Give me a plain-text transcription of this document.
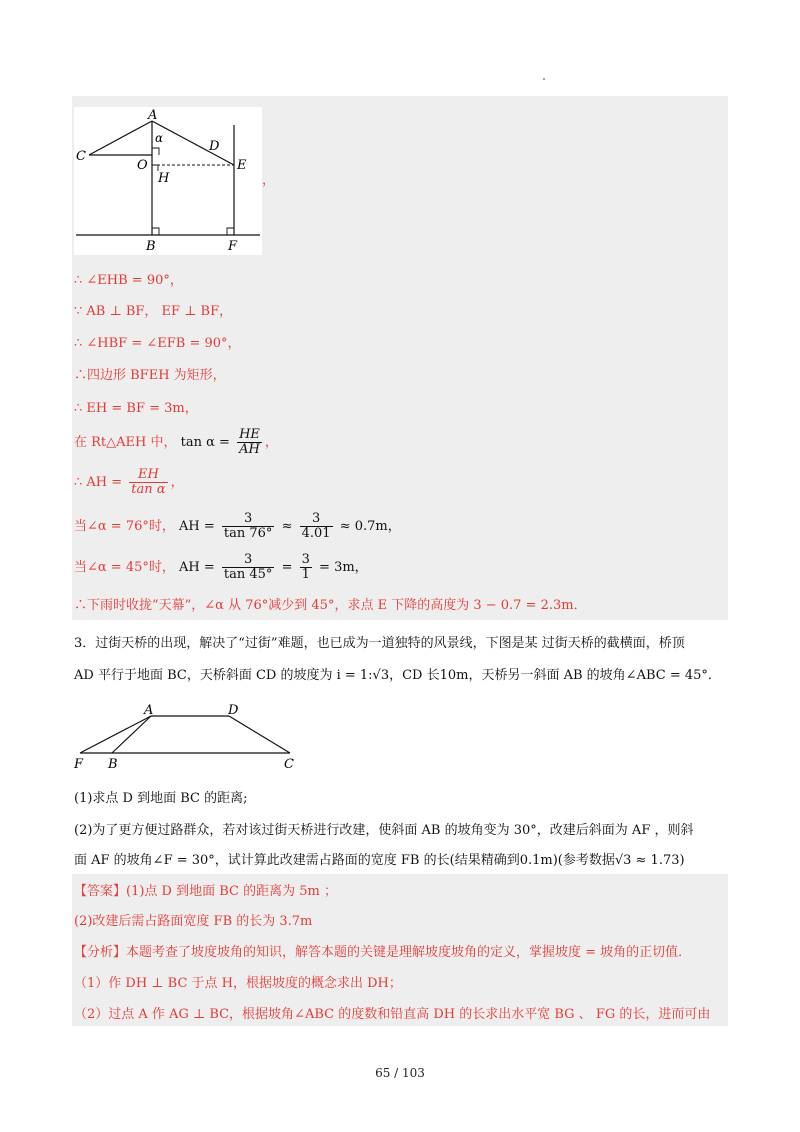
A
α
C
D
O
H
E
B	F
，
∴ ∠EHB = 90°，
∵ AB ⊥ BF， EF ⊥ BF，
∴ ∠HBF = ∠EFB = 90°，
∴四边形 BFEH 为矩形，
∴ EH = BF = 3m，
在 Rt△AEH 中， $\tan \alpha = \frac{HE}{AH}$ ，
∴ AH = $\frac{EH}{\text{tan α}}$ ，
当∠α = 76°时， AH = $\frac{3}{\tan 76^\circ} \approx \frac{3}{4.01} \approx 0.7m$，
当∠α = 45°时， AH = $\frac{3}{\tan 45^\circ} = \frac{3}{1} = 3m$，
∴下雨时收拢“天幕”，∠α 从 76°减少到 45°，求点 E 下降的高度为 3 − 0.7 = 2.3m．
3．过街天桥的出现，解决了“过街”难题，也已成为一道独特的风景线，下图是某 过街天桥的截横面，桥顶
AD 平行于地面 BC，天桥斜面 CD 的坡度为 i = 1:√3，CD 长10m，天桥另一斜面 AB 的坡角∠ABC = 45°．
A	D
F B	C
(1)求点 D 到地面 BC 的距离;
(2)为了更方便过路群众，若对该过街天桥进行改建，使斜面 AB 的坡角变为 30°，改建后斜面为 AF ，则斜
面 AF 的坡角∠F = 30°，试计算此改建需占路面的宽度 FB 的长(结果精确到0.1m)(参考数据√3 ≈ 1.73)
【答案】(1)点 D 到地面 BC 的距离为 5m ；
(2)改建后需占路面宽度 FB 的长为 3.7m
【分析】本题考查了坡度坡角的知识，解答本题的关键是理解坡度坡角的定义，掌握坡度 = 坡角的正切值．
（1）作 DH ⊥ BC 于点 H，根据坡度的概念求出 DH；
（2）过点 A 作 AG ⊥ BC，根据坡角∠ABC 的度数和铅直高 DH 的长求出水平宽 BG 、 FG 的长，进而可由
65 / 103
